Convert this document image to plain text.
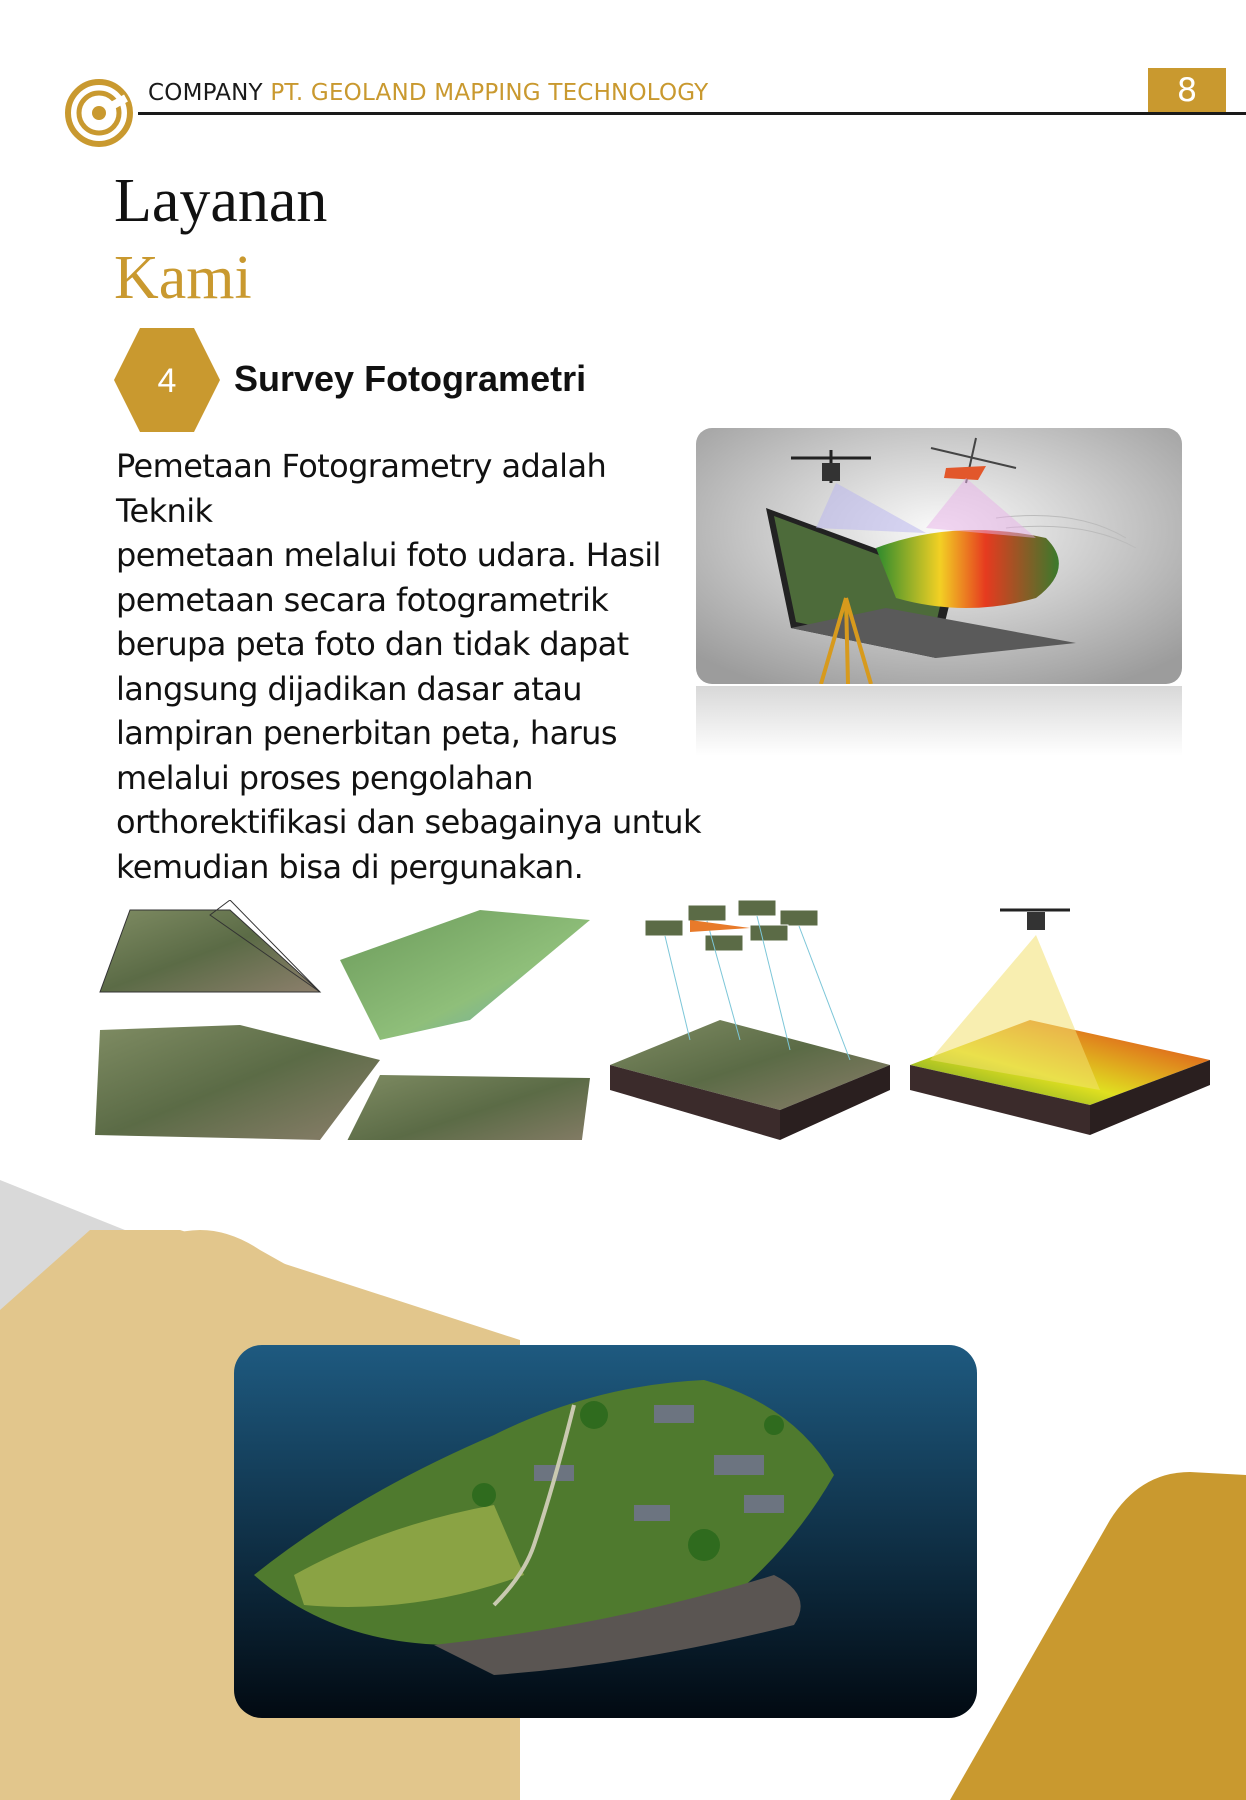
COMPANY PT. GEOLAND MAPPING TECHNOLOGY	8
Layanan
Kami
4 Survey Fotogrametri
Pemetaan Fotogrametry adalah Teknik
pemetaan melalui foto udara. Hasil
pemetaan secara fotogrametrik
berupa peta foto dan tidak dapat
langsung dijadikan dasar atau
lampiran penerbitan peta, harus
melalui proses pengolahan
orthorektifikasi dan sebagainya untuk
kemudian bisa di pergunakan.
